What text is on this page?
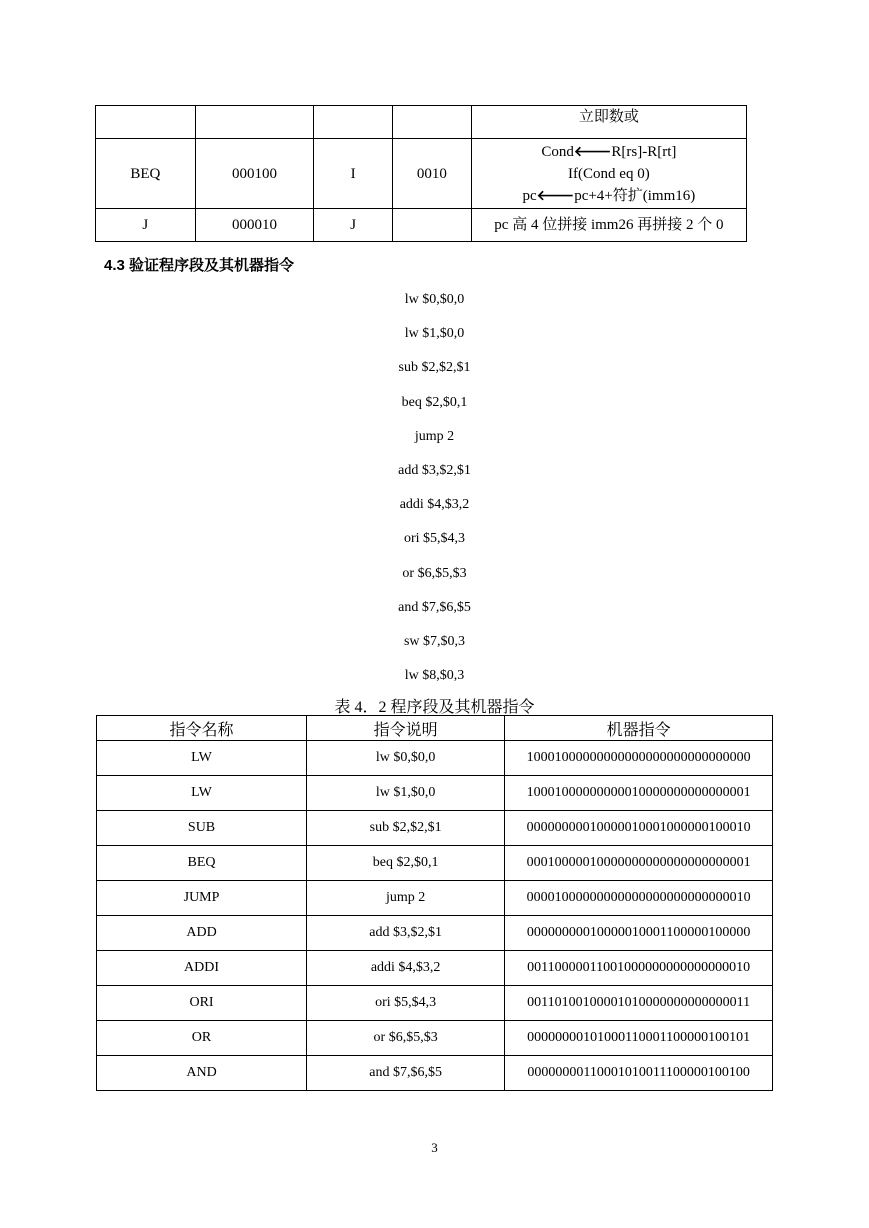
				立即数或

BEQ	000100	I	0010	Cond🡐R[rs]-R[rt]
If(Cond eq 0)
pc🡐pc+4+符扩(imm16)

J	000010	J		pc 高 4 位拼接 imm26 再拼接 2 个 0
4.3 验证程序段及其机器指令
lw $0,$0,0
lw $1,$0,0
sub $2,$2,$1
beq $2,$0,1
jump 2
add $3,$2,$1
addi $4,$3,2
ori $5,$4,3
or $6,$5,$3
and $7,$6,$5
sw $7,$0,3
lw $8,$0,3
表 4．2 程序段及其机器指令
指令名称	指令说明	机器指令
LW	lw $0,$0,0	10001000000000000000000000000000
LW	lw $1,$0,0	10001000000000010000000000000001
SUB	sub $2,$2,$1	00000000010000010001000000100010
BEQ	beq $2,$0,1	00010000010000000000000000000001
JUMP	jump 2	00001000000000000000000000000010
ADD	add $3,$2,$1	00000000010000010001100000100000
ADDI	addi $4,$3,2	00110000011001000000000000000010
ORI	ori $5,$4,3	00110100100001010000000000000011
OR	or $6,$5,$3	00000000101000110001100000100101
AND	and $7,$6,$5	00000000110001010011100000100100
3
